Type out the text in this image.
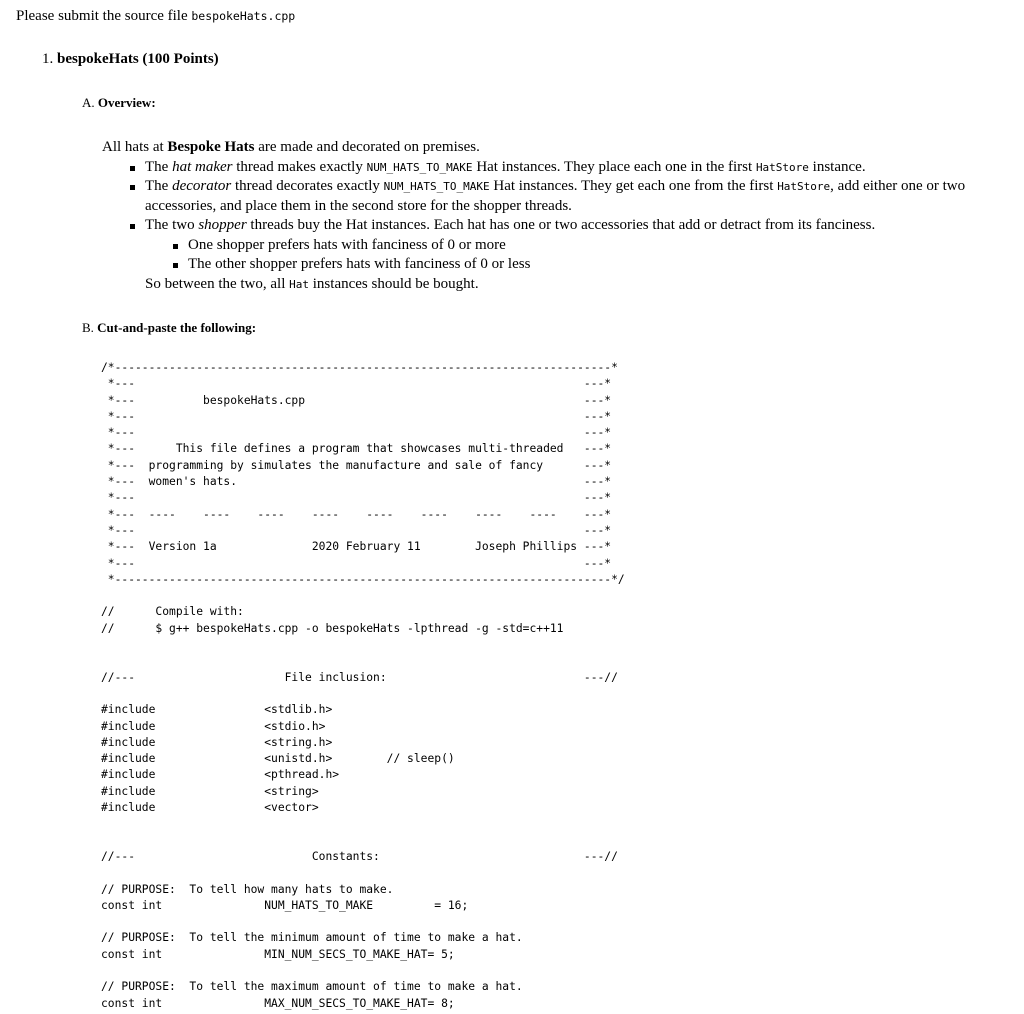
Please submit the source file bespokeHats.cpp
1. bespokeHats (100 Points)
A. Overview:

All hats at Bespoke Hats are made and decorated on premises.

The hat maker thread makes exactly NUM_HATS_TO_MAKE Hat instances. They place each one in the first HatStore instance.
The decorator thread decorates exactly NUM_HATS_TO_MAKE Hat instances. They get each one from the first HatStore, add either one or two accessories, and place them in the second store for the shopper threads.
The two shopper threads buy the Hat instances. Each hat has one or two accessories that add or detract from its fanciness.
One shopper prefers hats with fanciness of 0 or more
The other shopper prefers hats with fanciness of 0 or less

So between the two, all Hat instances should be bought.

B. Cut-and-paste the following:
/*-------------------------------------------------------------------------*
*---                                                                  ---*
*---          bespokeHats.cpp                                         ---*
*---                                                                  ---*
*---                                                                  ---*
*---      This file defines a program that showcases multi-threaded   ---*
*---  programming by simulates the manufacture and sale of fancy      ---*
*---  women's hats.                                                   ---*
*---                                                                  ---*
*---  ----    ----    ----    ----    ----    ----    ----    ----    ---*
*---                                                                  ---*
*---  Version 1a              2020 February 11        Joseph Phillips ---*
*---                                                                  ---*
*-------------------------------------------------------------------------*/

//      Compile with:
//      $ g++ bespokeHats.cpp -o bespokeHats -lpthread -g -std=c++11

//---                      File inclusion:                             ---//

#include                <stdlib.h>
#include                <stdio.h>
#include                <string.h>
#include                <unistd.h>        // sleep()
#include                <pthread.h>
#include                <string>
#include                <vector>

//---                          Constants:                              ---//

// PURPOSE:  To tell how many hats to make.
const int               NUM_HATS_TO_MAKE         = 16;

// PURPOSE:  To tell the minimum amount of time to make a hat.
const int               MIN_NUM_SECS_TO_MAKE_HAT= 5;

// PURPOSE:  To tell the maximum amount of time to make a hat.
const int               MAX_NUM_SECS_TO_MAKE_HAT= 8;
